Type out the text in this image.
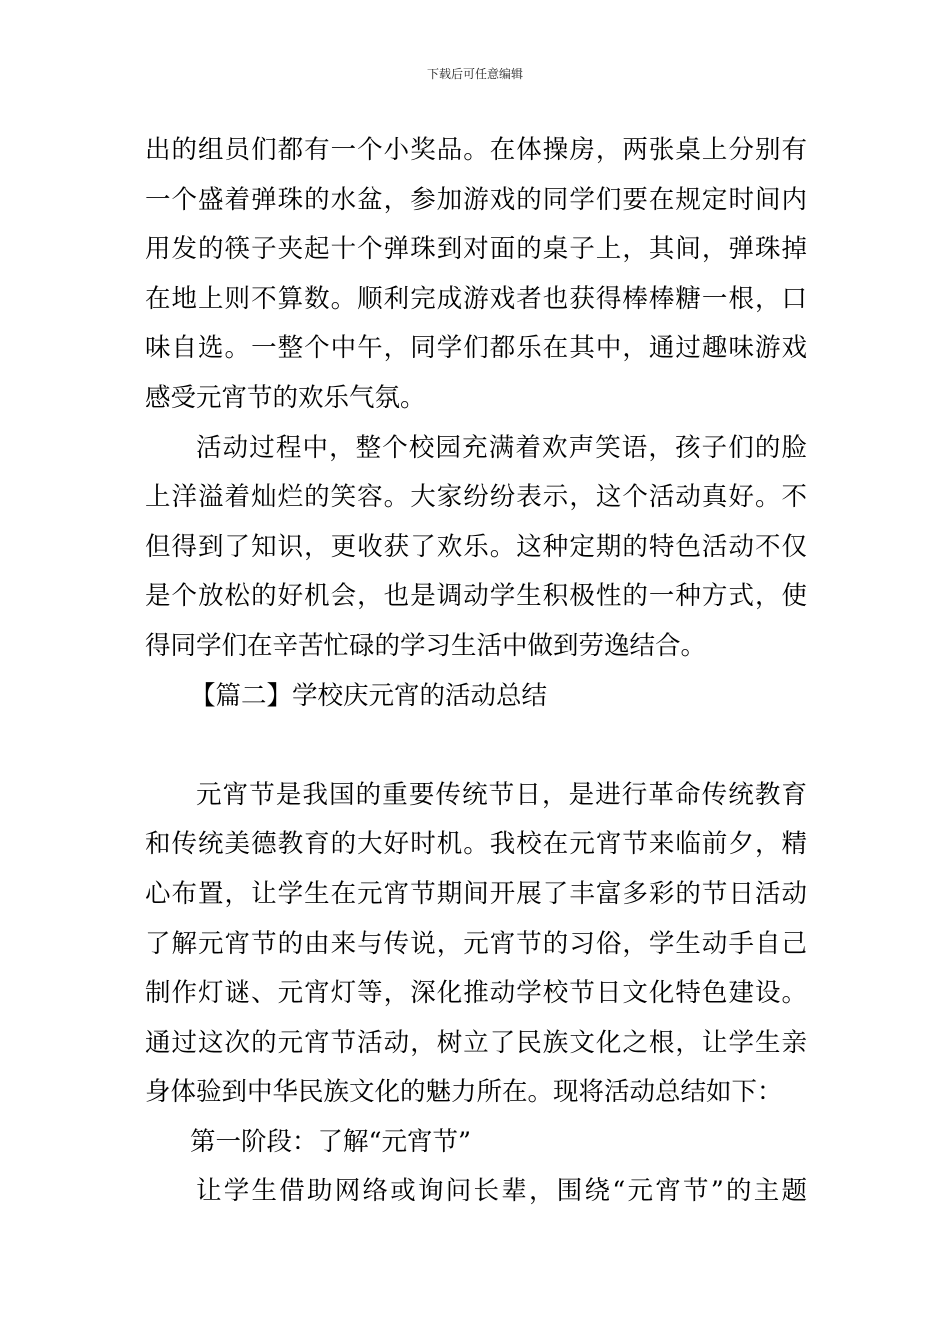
下载后可任意编辑
出的组员们都有一个小奖品。在体操房，两张桌上分别有
一个盛着弹珠的水盆，参加游戏的同学们要在规定时间内
用发的筷子夹起十个弹珠到对面的桌子上，其间，弹珠掉
在地上则不算数。顺利完成游戏者也获得棒棒糖一根，口
味自选。一整个中午，同学们都乐在其中，通过趣味游戏
感受元宵节的欢乐气氛。
活动过程中，整个校园充满着欢声笑语，孩子们的脸
上洋溢着灿烂的笑容。大家纷纷表示，这个活动真好。不
但得到了知识，更收获了欢乐。这种定期的特色活动不仅
是个放松的好机会，也是调动学生积极性的一种方式，使
得同学们在辛苦忙碌的学习生活中做到劳逸结合。
【篇二】学校庆元宵的活动总结
元宵节是我国的重要传统节日，是进行革命传统教育
和传统美德教育的大好时机。我校在元宵节来临前夕，精
心布置，让学生在元宵节期间开展了丰富多彩的节日活动
了解元宵节的由来与传说，元宵节的习俗，学生动手自己
制作灯谜、元宵灯等，深化推动学校节日文化特色建设。
通过这次的元宵节活动，树立了民族文化之根，让学生亲
身体验到中华民族文化的魅力所在。现将活动总结如下：
第一阶段：了解“元宵节”
让学生借助网络或询问长辈，围绕“元宵节”的主题
